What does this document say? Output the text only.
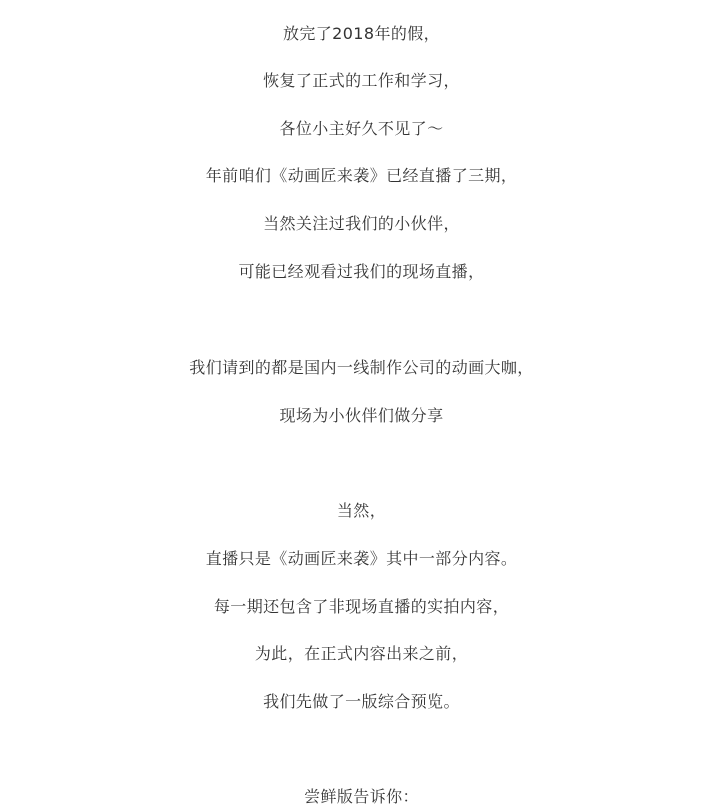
放完了2018年的假，

恢复了正式的工作和学习，

各位小主好久不见了～

年前咱们《动画匠来袭》已经直播了三期，

当然关注过我们的小伙伴，

可能已经观看过我们的现场直播，

我们请到的都是国内一线制作公司的动画大咖，

现场为小伙伴们做分享

当然，

直播只是《动画匠来袭》其中一部分内容。

每一期还包含了非现场直播的实拍内容，

为此，在正式内容出来之前，

我们先做了一版综合预览。

尝鲜版告诉你：
